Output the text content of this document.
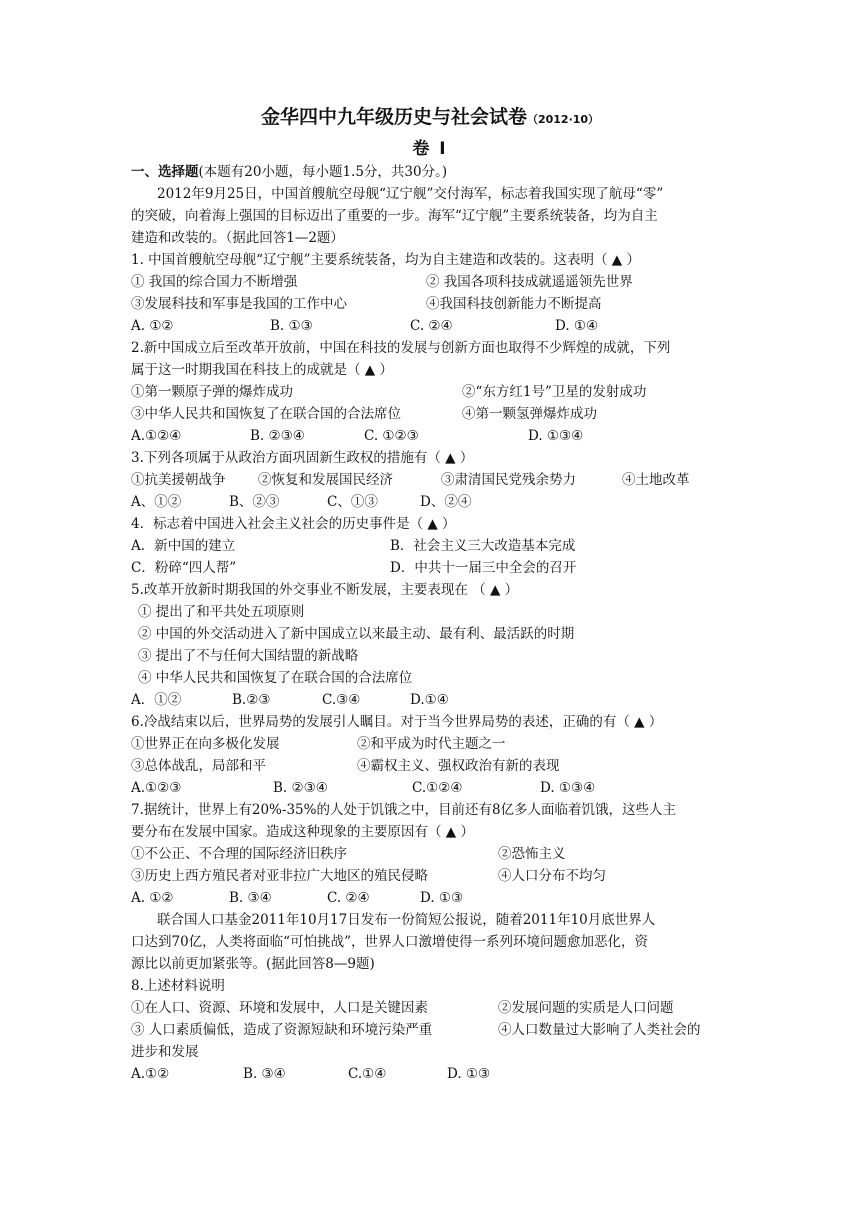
金华四中九年级历史与社会试卷（2012·10）
卷 I
一、选择题(本题有20小题，每小题1.5分，共30分。)
2012年9月25日，中国首艘航空母舰“辽宁舰”交付海军，标志着我国实现了航母“零”
的突破，向着海上强国的目标迈出了重要的一步。海军“辽宁舰”主要系统装备，均为自主
建造和改装的。（据此回答1—2题）
1. 中国首艘航空母舰“辽宁舰”主要系统装备，均为自主建造和改装的。这表明（ ▲ ）
① 我国的综合国力不断增强	② 我国各项科技成就遥遥领先世界
③发展科技和军事是我国的工作中心	④我国科技创新能力不断提高
A. ①②	B. ①③	C. ②④	D. ①④
2.新中国成立后至改革开放前，中国在科技的发展与创新方面也取得不少辉煌的成就，下列
属于这一时期我国在科技上的成就是（ ▲ ）
①第一颗原子弹的爆炸成功	②“东方红1号”卫星的发射成功
③中华人民共和国恢复了在联合国的合法席位	④第一颗氢弹爆炸成功
A.①②④	B. ②③④	C. ①②③	D. ①③④
3.下列各项属于从政治方面巩固新生政权的措施有（ ▲ ）
①抗美援朝战争 ②恢复和发展国民经济	③肃清国民党残余势力	④土地改革
A、①②	B、②③	C、①③	D、②④
4．标志着中国进入社会主义社会的历史事件是（ ▲ ）
A．新中国的建立	B．社会主义三大改造基本完成
C．粉碎“四人帮”	D．中共十一届三中全会的召开
5.改革开放新时期我国的外交事业不断发展，主要表现在 （ ▲ ）
① 提出了和平共处五项原则
② 中国的外交活动进入了新中国成立以来最主动、最有利、最活跃的时期
③ 提出了不与任何大国结盟的新战略
④ 中华人民共和国恢复了在联合国的合法席位
A．①②	B.②③	C.③④	D.①④
6.冷战结束以后，世界局势的发展引人瞩目。对于当今世界局势的表述，正确的有（ ▲ ）
①世界正在向多极化发展	②和平成为时代主题之一
③总体战乱，局部和平	④霸权主义、强权政治有新的表现
A.①②③	B. ②③④	C.①②④	D. ①③④
7.据统计，世界上有20%-35%的人处于饥饿之中，目前还有8亿多人面临着饥饿，这些人主
要分布在发展中国家。造成这种现象的主要原因有（ ▲ ）
①不公正、不合理的国际经济旧秩序	②恐怖主义
③历史上西方殖民者对亚非拉广大地区的殖民侵略	④人口分布不均匀
A. ①②	B. ③④	C. ②④	D. ①③
联合国人口基金2011年10月17日发布一份简短公报说，随着2011年10月底世界人
口达到70亿，人类将面临“可怕挑战”，世界人口激增使得一系列环境问题愈加恶化，资
源比以前更加紧张等。(据此回答8—9题)
8.上述材料说明
①在人口、资源、环境和发展中，人口是关键因素	②发展问题的实质是人口问题
③ 人口素质偏低，造成了资源短缺和环境污染严重	④人口数量过大影响了人类社会的
进步和发展
A.①②	B. ③④	C.①④	D. ①③
